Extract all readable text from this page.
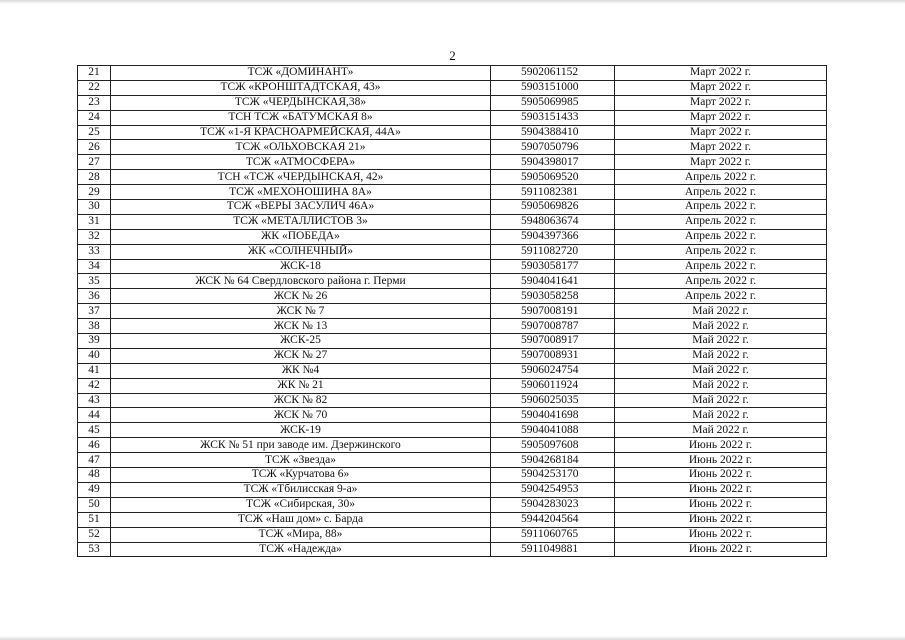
2
21	ТСЖ «ДОМИНАНТ»	5902061152	Март 2022 г.
22	ТСЖ «КРОНШТАДТСКАЯ, 43»	5903151000	Март 2022 г.
23	ТСЖ «ЧЕРДЫНСКАЯ,38»	5905069985	Март 2022 г.
24	ТСН ТСЖ «БАТУМСКАЯ 8»	5903151433	Март 2022 г.
25	ТСЖ «1-Я КРАСНОАРМЕЙСКАЯ, 44А»	5904388410	Март 2022 г.
26	ТСЖ «ОЛЬХОВСКАЯ 21»	5907050796	Март 2022 г.
27	ТСЖ «АТМОСФЕРА»	5904398017	Март 2022 г.
28	ТСН «ТСЖ «ЧЕРДЫНСКАЯ, 42»	5905069520	Апрель 2022 г.
29	ТСЖ «МЕХОНОШИНА 8А»	5911082381	Апрель 2022 г.
30	ТСЖ «ВЕРЫ ЗАСУЛИЧ 46А»	5905069826	Апрель 2022 г.
31	ТСЖ «МЕТАЛЛИСТОВ 3»	5948063674	Апрель 2022 г.
32	ЖК «ПОБЕДА»	5904397366	Апрель 2022 г.
33	ЖК «СОЛНЕЧНЫЙ»	5911082720	Апрель 2022 г.
34	ЖСК-18	5903058177	Апрель 2022 г.
35	ЖСК № 64 Свердловского района г. Перми	5904041641	Апрель 2022 г.
36	ЖСК № 26	5903058258	Апрель 2022 г.
37	ЖСК № 7	5907008191	Май 2022 г.
38	ЖСК № 13	5907008787	Май 2022 г.
39	ЖСК-25	5907008917	Май 2022 г.
40	ЖСК № 27	5907008931	Май 2022 г.
41	ЖК №4	5906024754	Май 2022 г.
42	ЖК № 21	5906011924	Май 2022 г.
43	ЖСК № 82	5906025035	Май 2022 г.
44	ЖСК № 70	5904041698	Май 2022 г.
45	ЖСК-19	5904041088	Май 2022 г.
46	ЖСК № 51 при заводе им. Дзержинского	5905097608	Июнь 2022 г.
47	ТСЖ «Звезда»	5904268184	Июнь 2022 г.
48	ТСЖ «Курчатова 6»	5904253170	Июнь 2022 г.
49	ТСЖ «Тбилисская 9-а»	5904254953	Июнь 2022 г.
50	ТСЖ «Сибирская, 30»	5904283023	Июнь 2022 г.
51	ТСЖ «Наш дом» с. Барда	5944204564	Июнь 2022 г.
52	ТСЖ «Мира, 88»	5911060765	Июнь 2022 г.
53	ТСЖ «Надежда»	5911049881	Июнь 2022 г.
